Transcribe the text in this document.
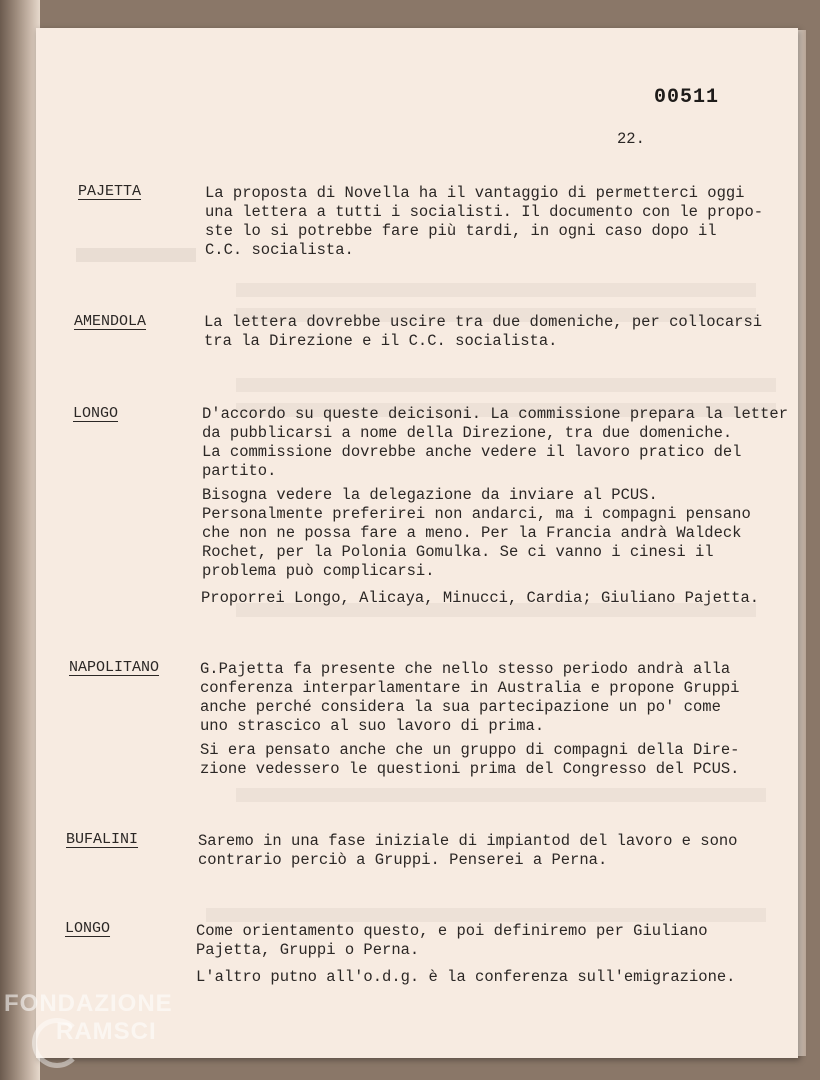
00511
22.
PAJETTA	La proposta di Novella ha il vantaggio di permetterci oggi
una lettera a tutti i socialisti. Il documento con le propo-
ste lo si potrebbe fare più tardi, in ogni caso dopo il
C.C. socialista.
AMENDOLA	La lettera dovrebbe uscire tra due domeniche, per collocarsi
tra la Direzione e il C.C. socialista.
LONGO	D'accordo su queste deicisoni. La commissione prepara la letter
da pubblicarsi a nome della Direzione, tra due domeniche.
La commissione dovrebbe anche vedere il lavoro pratico del
partito.
Bisogna vedere la delegazione da inviare al PCUS.
Personalmente preferirei non andarci, ma i compagni pensano
che non ne possa fare a meno. Per la Francia andrà Waldeck
Rochet, per la Polonia Gomulka. Se ci vanno i cinesi il
problema può complicarsi.
Proporrei Longo, Alicaya, Minucci, Cardia; Giuliano Pajetta.
NAPOLITANO	G.Pajetta fa presente che nello stesso periodo andrà alla
conferenza interparlamentare in Australia e propone Gruppi
anche perché considera la sua partecipazione un po' come
uno strascico al suo lavoro di prima.
Si era pensato anche che un gruppo di compagni della Dire-
zione vedessero le questioni prima del Congresso del PCUS.
BUFALINI	Saremo in una fase iniziale di impiantod del lavoro e sono
contrario perciò a Gruppi. Penserei a Perna.
LONGO	Come orientamento questo, e poi definiremo per Giuliano
Pajetta, Gruppi o Perna.
L'altro putno all'o.d.g. è la conferenza sull'emigrazione.
FONDAZIONE
RAMSCI
